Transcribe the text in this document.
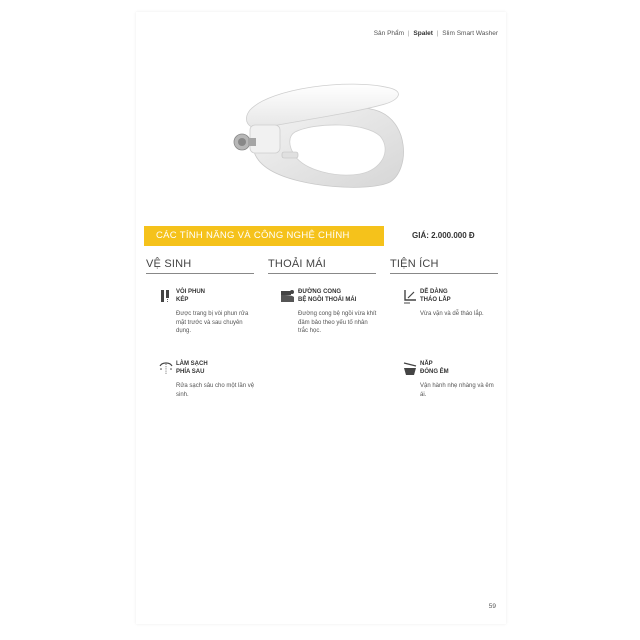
Sản Phẩm | Spalet | Slim Smart Washer
CÁC TÍNH NĂNG VÀ CÔNG NGHỆ CHÍNH	GIÁ: 2.000.000 Đ
VỆ SINH
VÒI PHUN
KÉP
Được trang bị vòi phun rửa mặt trước và sau chuyên dụng.
LÀM SẠCH
PHÍA SAU
Rửa sạch sâu cho một lần vệ sinh.
THOẢI MÁI
ĐƯỜNG CONG
BỆ NGỒI THOẢI MÁI
Đường cong bệ ngồi vừa khít đảm bảo theo yếu tố nhân trắc học.
TIỆN ÍCH
DỄ DÀNG
THÁO LẮP
Vừa vặn và dễ tháo lắp.
NẮP
ĐÓNG ÊM
Vận hành nhẹ nhàng và êm ái.
59
